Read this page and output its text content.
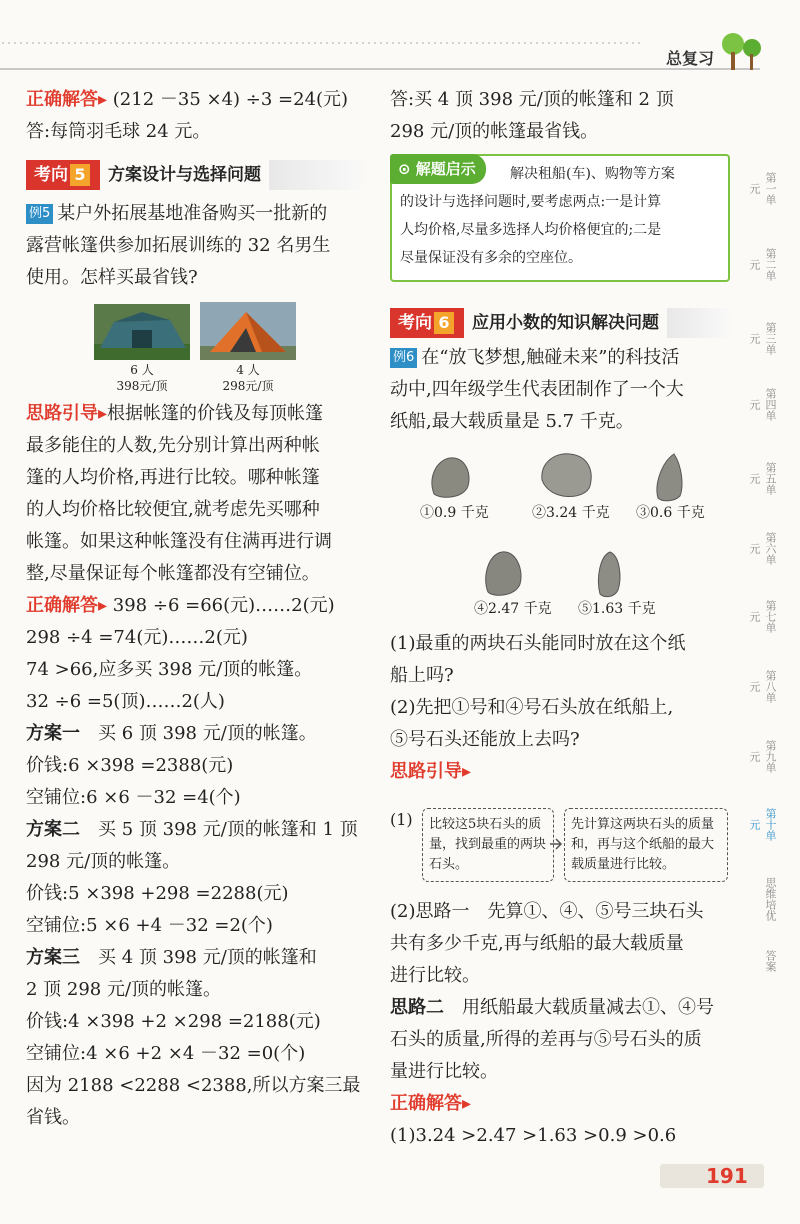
总复习

正确解答▸ (212 －35 ×4) ÷3 =24(元)

答:每筒羽毛球 24 元。

考向 5 方案设计与选择问题

例5 某户外拓展基地准备购买一批新的

露营帐篷供参加拓展训练的 32 名男生

使用。怎样买最省钱?

6 人
398元/顶
4 人
298元/顶

思路引导▸根据帐篷的价钱及每顶帐篷

最多能住的人数,先分别计算出两种帐

篷的人均价格,再进行比较。哪种帐篷

的人均价格比较便宜,就考虑先买哪种

帐篷。如果这种帐篷没有住满再进行调

整,尽量保证每个帐篷都没有空铺位。

正确解答▸ 398 ÷6 =66(元)……2(元)

298 ÷4 =74(元)……2(元)

74 >66,应多买 398 元/顶的帐篷。

32 ÷6 =5(顶)……2(人)

方案一　 买 6 顶 398 元/顶的帐篷。

价钱:6 ×398 =2388(元)

空铺位:6 ×6 －32 =4(个)

方案二　 买 5 顶 398 元/顶的帐篷和 1 顶

298 元/顶的帐篷。

价钱:5 ×398 +298 =2288(元)

空铺位:5 ×6 +4 －32 =2(个)

方案三　 买 4 顶 398 元/顶的帐篷和

2 顶 298 元/顶的帐篷。

价钱:4 ×398 +2 ×298 =2188(元)

空铺位:4 ×6 +2 ×4 －32 =0(个)

因为 2188 <2288 <2388,所以方案三最

省钱。

答:买 4 顶 398 元/顶的帐篷和 2 顶

298 元/顶的帐篷最省钱。

⊙ 解题启示	解决租船(车)、购物等方案
的设计与选择问题时,要考虑两点:一是计算
人均价格,尽量多选择人均价格便宜的;二是
尽量保证没有多余的空座位。
考向 6 应用小数的知识解决问题

例6 在“放飞梦想,触碰未来”的科技活

动中,四年级学生代表团制作了一个大

纸船,最大载质量是 5.7 千克。

①0.9 千克	②3.24 千克 ③0.6 千克
④2.47 千克 ⑤1.63 千克

(1)最重的两块石头能同时放在这个纸

船上吗?

(2)先把①号和④号石头放在纸船上,

⑤号石头还能放上去吗?

思路引导▸

(1)	比较这5块石头的质量，找到最重的两块石头。
先计算这两块石头的质量和，再与这个纸船的最大载质量进行比较。

(2)思路一　先算①、④、⑤号三块石头

共有多少千克,再与纸船的最大载质量

进行比较。

思路二　 用纸船最大载质量减去①、④号

石头的质量,所得的差再与⑤号石头的质

量进行比较。

正确解答▸

(1)3.24 >2.47 >1.63 >0.9 >0.6

第一单元
第二单元
第三单元
第四单元
第五单元
第六单元
第七单元
第八单元
第九单元
第十单元
思维培优
答案
191
